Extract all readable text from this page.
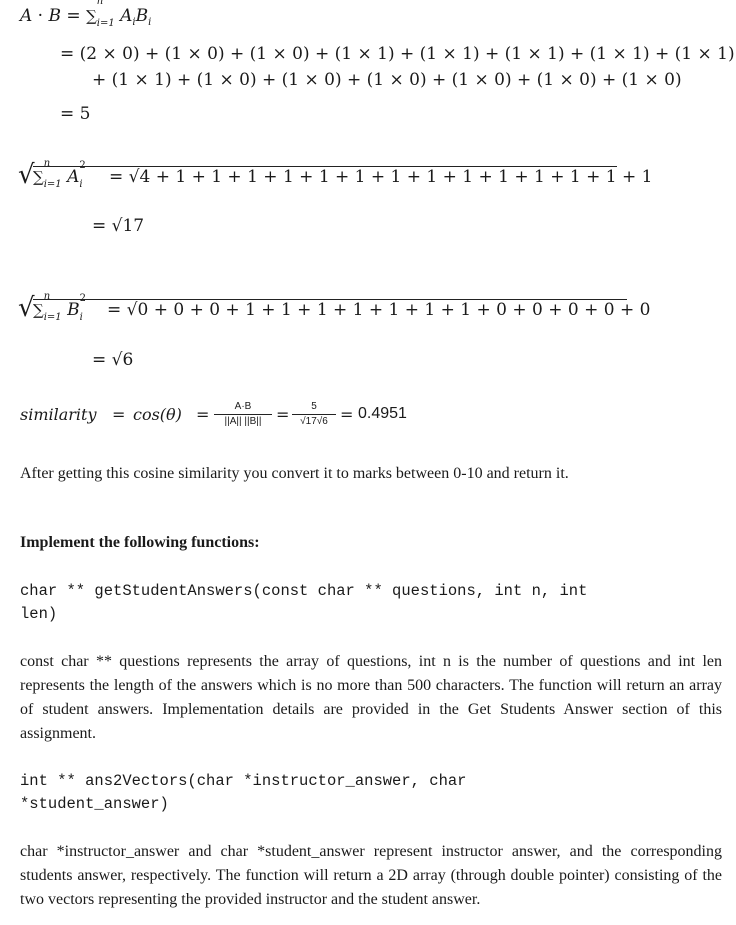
A · B = ∑
n
$_{i=1}$ $A_iB_i$
= (2 × 0) + (1 × 0) + (1 × 0) + (1 × 1) + (1 × 1) + (1 × 1) + (1 × 1) + (1 × 1)
+ (1 × 1) + (1 × 0) + (1 × 0) + (1 × 0) + (1 × 0) + (1 × 0) + (1 × 0)
= 5
√
∑
n
$_{i=1}$ A
2
$_i$ = √4 + 1 + 1 + 1 + 1 + 1 + 1 + 1 + 1 + 1 + 1 + 1 + 1 + 1 + 1
= √17
√
∑
n
$_{i=1}$ B
2
$_i$ = √0 + 0 + 0 + 1 + 1 + 1 + 1 + 1 + 1 + 1 + 0 + 0 + 0 + 0 + 0
= √6
similarity = cos(θ) =	A·B
||A|| ||B|| =	5
√17√6 = 0.4951
After getting this cosine similarity you convert it to marks between 0-10 and return it.
Implement the following functions:
char ** getStudentAnswers(const char ** questions, int n, int
len)
const char ** questions represents the array of questions, int n is the number of questions and int len represents the length of the answers which is no more than 500 characters. The function will return an array of student answers. Implementation details are provided in the Get Students Answer section of this assignment.
int ** ans2Vectors(char *instructor_answer, char
*student_answer)
char *instructor_answer and char *student_answer represent instructor answer, and the corresponding students answer, respectively. The function will return a 2D array (through double pointer) consisting of the two vectors representing the provided instructor and the student answer.
